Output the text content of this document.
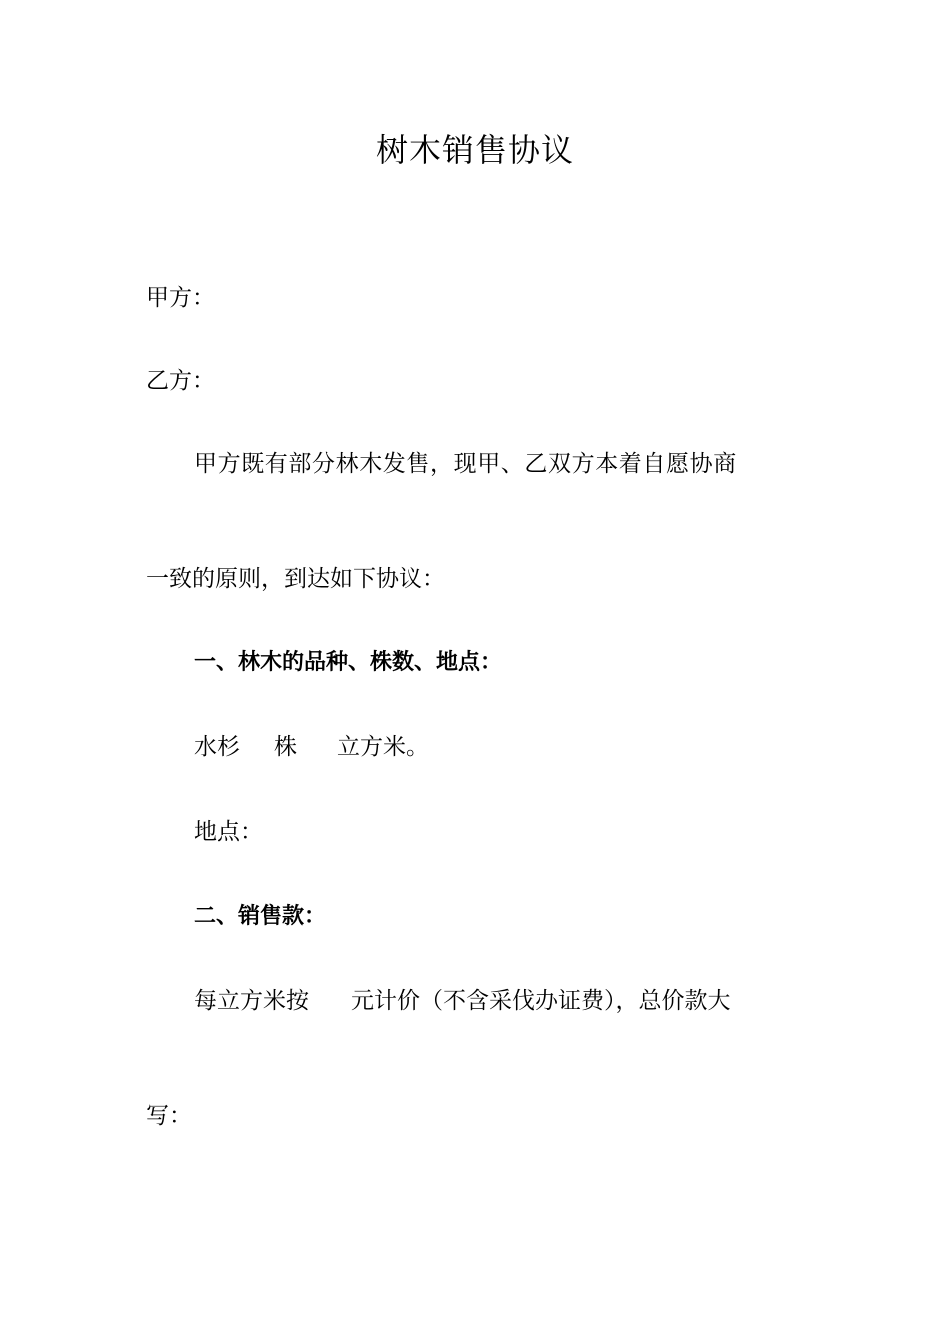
树木销售协议
甲方：
乙方：
甲方既有部分林木发售，现甲、乙双方本着自愿协商
一致的原则，到达如下协议：
一、林木的品种、株数、地点：
水杉 株 立方米。
地点：
二、销售款：
每立方米按 元计价（不含采伐办证费），总价款大
写：
